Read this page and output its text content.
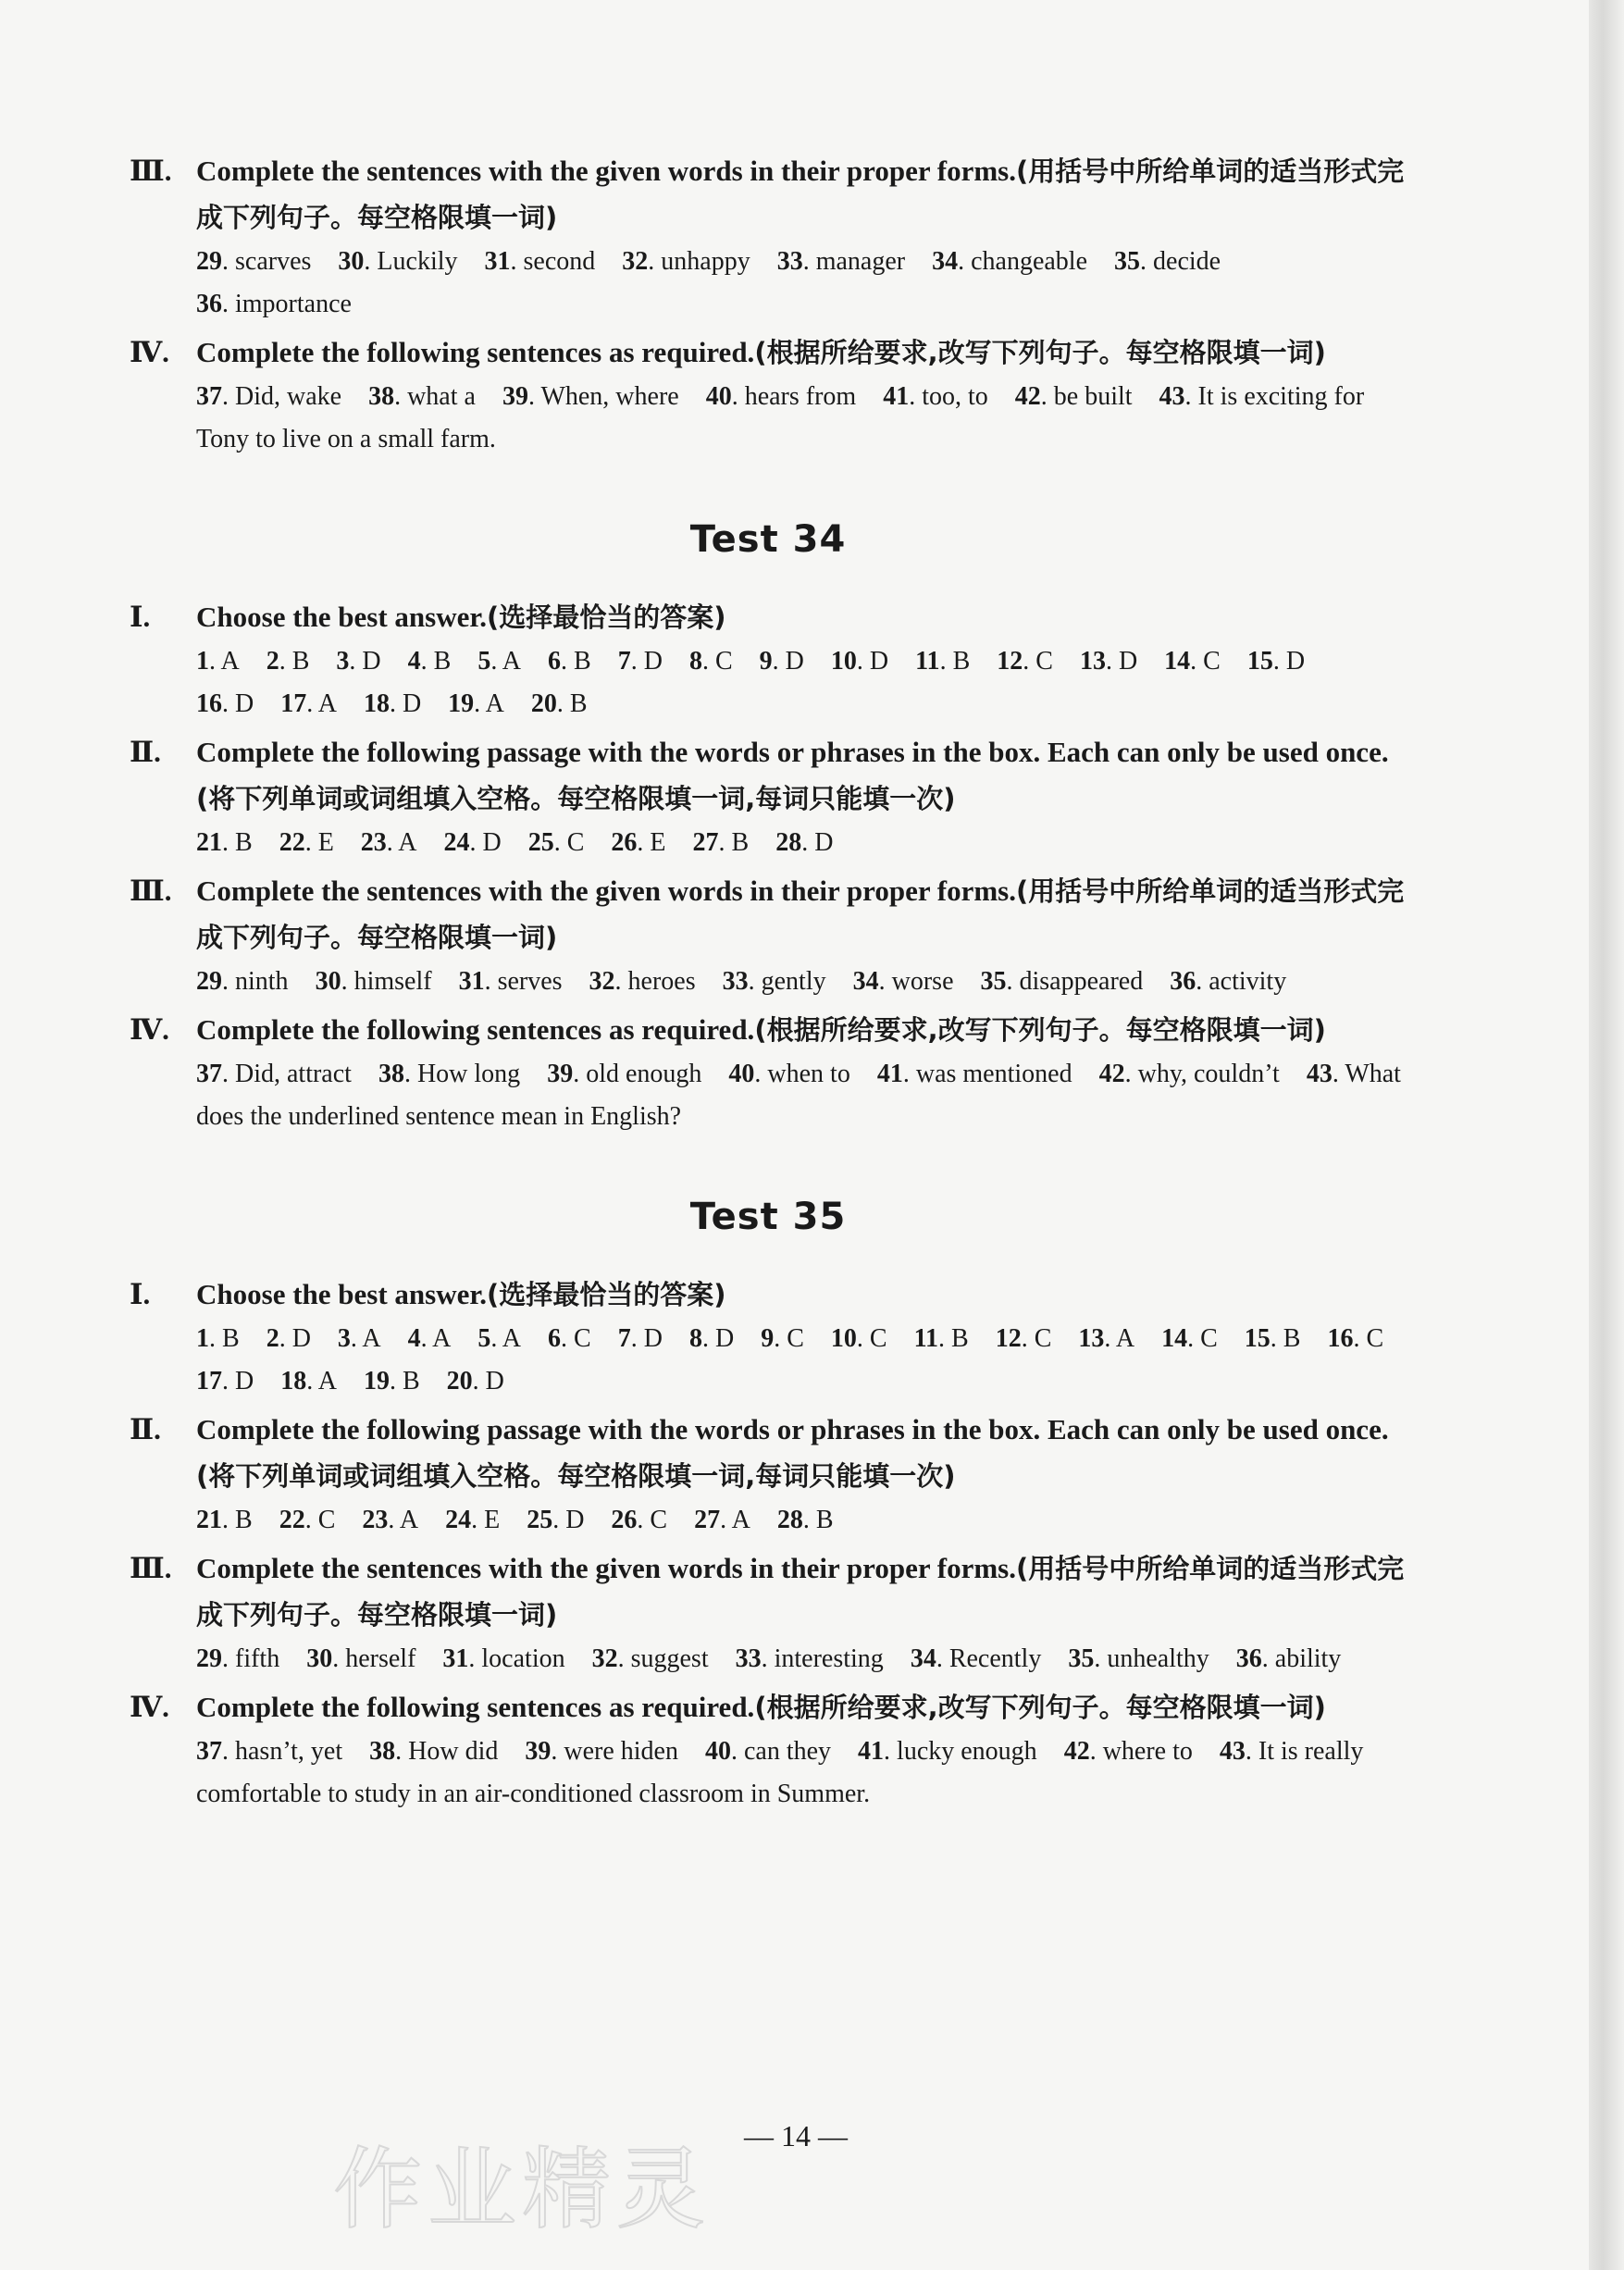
Ⅲ. Complete the sentences with the given words in their proper forms.(用括号中所给单词的适当形式完成下列句子。每空格限填一词)
29. scarves 30. Luckily 31. second 32. unhappy 33. manager 34. changeable 35. decide 36. importance
Ⅳ. Complete the following sentences as required.(根据所给要求,改写下列句子。每空格限填一词)
37. Did, wake 38. what a 39. When, where 40. hears from 41. too, to 42. be built 43. It is exciting for Tony to live on a small farm.
Test 34
Ⅰ.	Choose the best answer.(选择最恰当的答案)
1. A 2. B 3. D 4. B 5. A 6. B 7. D 8. C 9. D 10. D 11. B 12. C 13. D 14. C 15. D 16. D 17. A 18. D 19. A 20. B
Ⅱ.	Complete the following passage with the words or phrases in the box. Each can only be used once.(将下列单词或词组填入空格。每空格限填一词,每词只能填一次)
21. B 22. E 23. A 24. D 25. C 26. E 27. B 28. D
Ⅲ. Complete the sentences with the given words in their proper forms.(用括号中所给单词的适当形式完成下列句子。每空格限填一词)
29. ninth 30. himself 31. serves 32. heroes 33. gently 34. worse 35. disappeared 36. activity
Ⅳ. Complete the following sentences as required.(根据所给要求,改写下列句子。每空格限填一词)
37. Did, attract 38. How long 39. old enough 40. when to 41. was mentioned 42. why, couldn’t 43. What does the underlined sentence mean in English?
Test 35
Ⅰ.	Choose the best answer.(选择最恰当的答案)
1. B 2. D 3. A 4. A 5. A 6. C 7. D 8. D 9. C 10. C 11. B 12. C 13. A 14. C 15. B 16. C 17. D 18. A 19. B 20. D
Ⅱ.	Complete the following passage with the words or phrases in the box. Each can only be used once.(将下列单词或词组填入空格。每空格限填一词,每词只能填一次)
21. B 22. C 23. A 24. E 25. D 26. C 27. A 28. B
Ⅲ. Complete the sentences with the given words in their proper forms.(用括号中所给单词的适当形式完成下列句子。每空格限填一词)
29. fifth 30. herself 31. location 32. suggest 33. interesting 34. Recently 35. unhealthy 36. ability
Ⅳ. Complete the following sentences as required.(根据所给要求,改写下列句子。每空格限填一词)
37. hasn’t, yet 38. How did 39. were hiden 40. can they 41. lucky enough 42. where to 43. It is really comfortable to study in an air-conditioned classroom in Summer.
— 14 —
作业精灵
